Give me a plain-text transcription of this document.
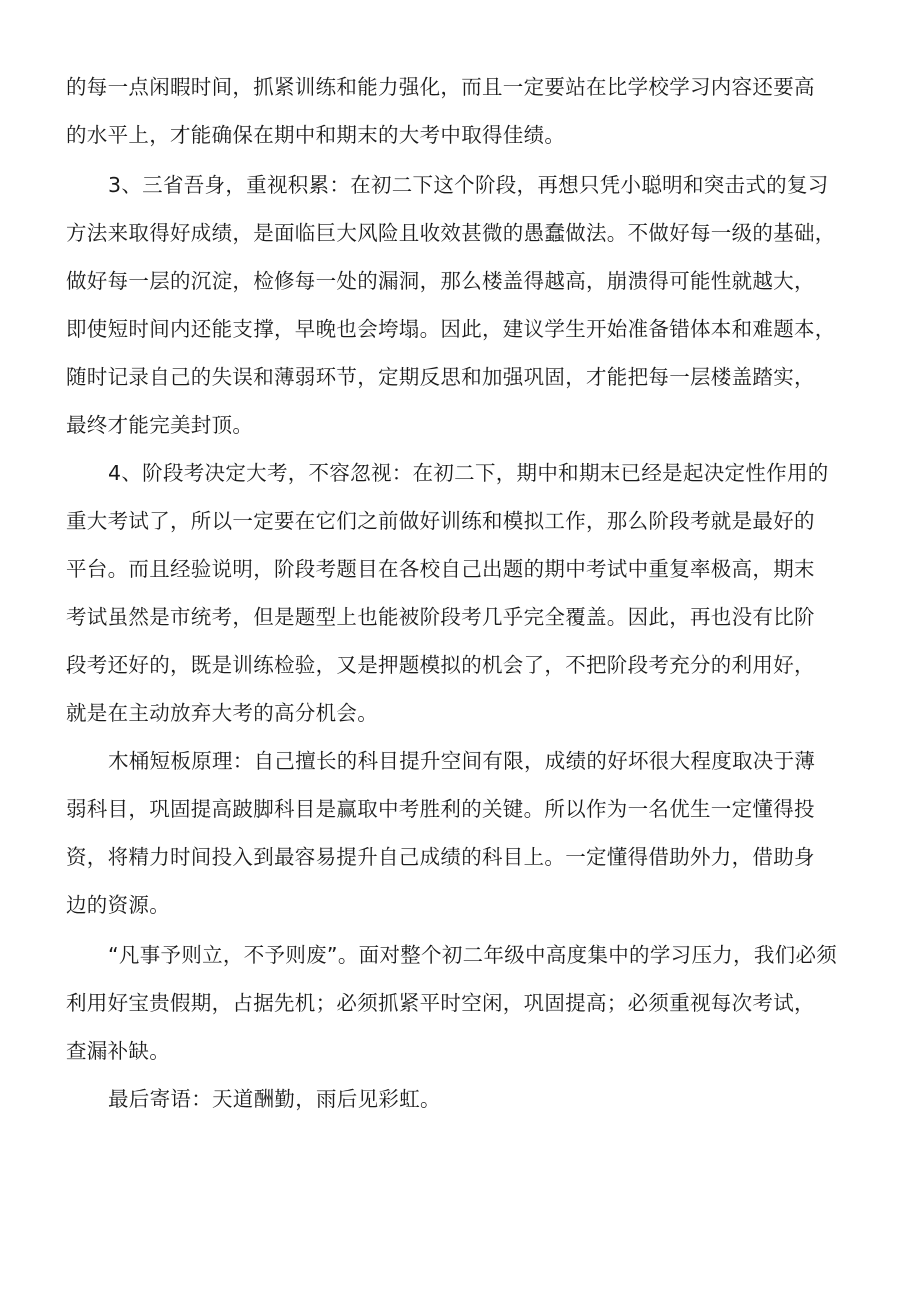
的每一点闲暇时间，抓紧训练和能力强化，而且一定要站在比学校学习内容还要高

的水平上，才能确保在期中和期末的大考中取得佳绩。

3、三省吾身，重视积累：在初二下这个阶段，再想只凭小聪明和突击式的复习

方法来取得好成绩，是面临巨大风险且收效甚微的愚蠢做法。不做好每一级的基础，

做好每一层的沉淀，检修每一处的漏洞，那么楼盖得越高，崩溃得可能性就越大，

即使短时间内还能支撑，早晚也会垮塌。因此，建议学生开始准备错体本和难题本，

随时记录自己的失误和薄弱环节，定期反思和加强巩固，才能把每一层楼盖踏实，

最终才能完美封顶。

4、阶段考决定大考，不容忽视：在初二下，期中和期末已经是起决定性作用的

重大考试了，所以一定要在它们之前做好训练和模拟工作，那么阶段考就是最好的

平台。而且经验说明，阶段考题目在各校自己出题的期中考试中重复率极高，期末

考试虽然是市统考，但是题型上也能被阶段考几乎完全覆盖。因此，再也没有比阶

段考还好的，既是训练检验，又是押题模拟的机会了，不把阶段考充分的利用好，

就是在主动放弃大考的高分机会。

木桶短板原理：自己擅长的科目提升空间有限，成绩的好坏很大程度取决于薄

弱科目，巩固提高跛脚科目是赢取中考胜利的关键。所以作为一名优生一定懂得投

资，将精力时间投入到最容易提升自己成绩的科目上。一定懂得借助外力，借助身

边的资源。

“凡事予则立，不予则废”。面对整个初二年级中高度集中的学习压力，我们必须

利用好宝贵假期，占据先机；必须抓紧平时空闲，巩固提高；必须重视每次考试，

查漏补缺。

最后寄语：天道酬勤，雨后见彩虹。
